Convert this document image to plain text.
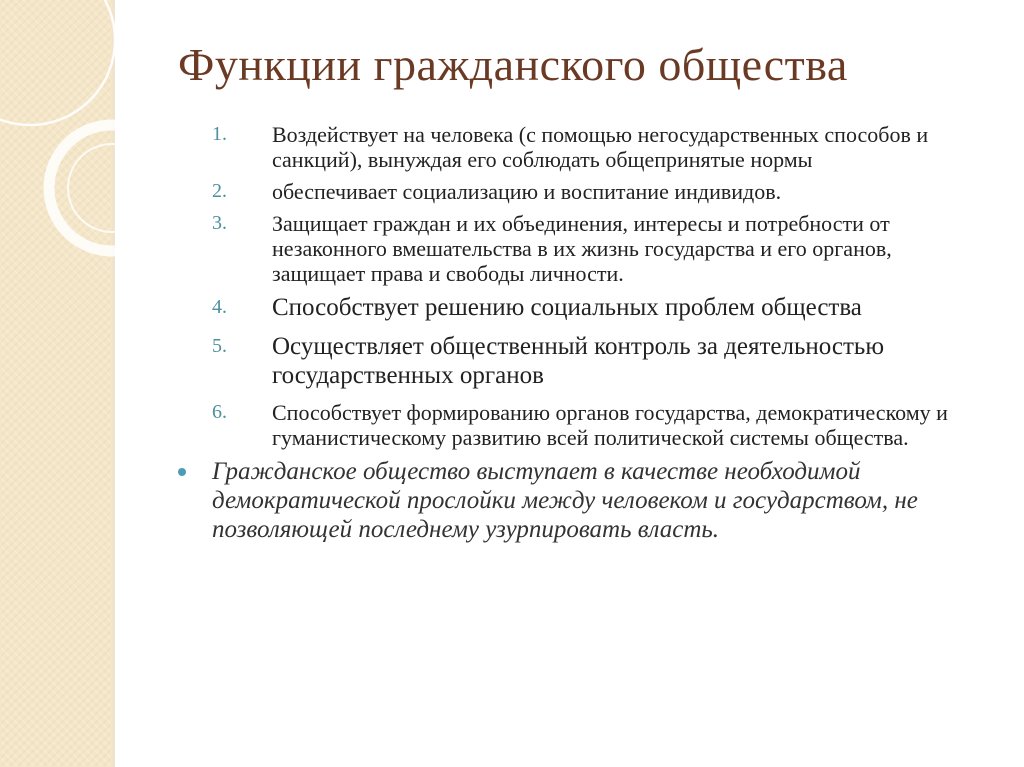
Функции гражданского общества
1.	Воздействует на человека (с помощью негосударственных способов и санкций), вынуждая его соблюдать общепринятые нормы
2.	обеспечивает социализацию и воспитание индивидов.
3.	Защищает граждан и их объединения, интересы и потребности от незаконного вмешательства в их жизнь государства и его органов, защищает права и свободы личности.
4.	Способствует решению социальных проблем общества
5.	Осуществляет общественный контроль за деятельностью государственных органов
6.	Способствует формированию органов государства, демократическому и гуманистическому развитию всей политической системы общества.
Гражданское общество выступает в качестве необходимой демократической прослойки между человеком и государством, не позволяющей последнему узурпировать власть.
